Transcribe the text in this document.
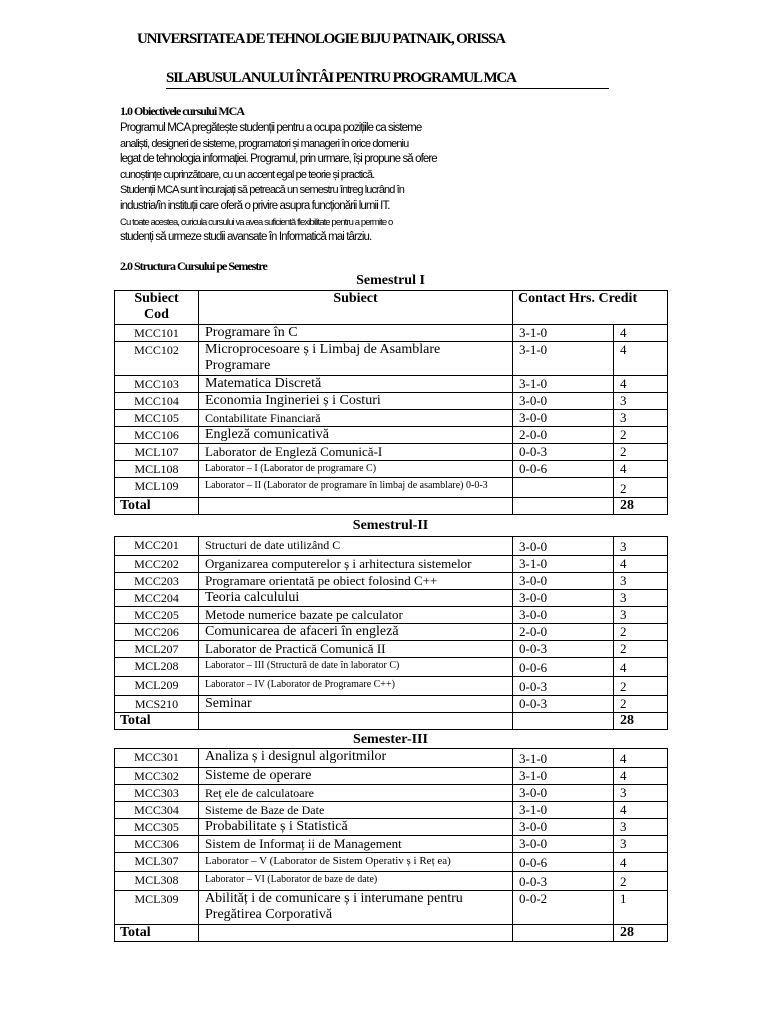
UNIVERSITATEA DE TEHNOLOGIE BIJU PATNAIK, ORISSA
SILABUSUL ANULUI ÎNTÂI PENTRU PROGRAMUL MCA
1.0 Obiectivele cursului MCA

Programul MCA pregătește studenții pentru a ocupa pozițiile ca sisteme

analiști, designeri de sisteme, programatori și manageri în orice domeniu

legat de tehnologia informației. Programul, prin urmare, își propune să ofere

cunoștințe cuprinzătoare, cu un accent egal pe teorie și practică.

Studenții MCA sunt încurajați să petreacă un semestru întreg lucrând în

industria/în instituții care oferă o privire asupra funcționării lumii IT.

Cu toate acestea, curicula cursului va avea suficientă flexibilitate pentru a permite o

studenți să urmeze studii avansate în Informatică mai târziu.

2.0 Structura Cursului pe Semestre
Semestrul I
Subiect Cod	Subiect	Contact Hrs. Credit	
MCC101	Programare în C	3-1-0	4
MCC102	Microprocesoare ș i Limbaj de Asamblare Programare	3-1-0	4
MCC103	Matematica Discretă	3-1-0	4
MCC104	Economia Ingineriei ș i Costuri	3-0-0	3
MCC105	Contabilitate Financiară	3-0-0	3
MCC106	Engleză comunicativă	2-0-0	2
MCL107	Laborator de Engleză Comunică-I	0-0-3	2
MCL108	Laborator – I (Laborator de programare C)	0-0-6	4
MCL109	Laborator – II (Laborator de programare în limbaj de asamblare) 0-0-3		2
Total			28
Semestrul-II
MCC201	Structuri de date utilizând C	3-0-0	3
MCC202	Organizarea computerelor ș i arhitectura sistemelor	3-1-0	4
MCC203	Programare orientată pe obiect folosind C++	3-0-0	3
MCC204	Teoria calculului	3-0-0	3
MCC205	Metode numerice bazate pe calculator	3-0-0	3
MCC206	Comunicarea de afaceri în engleză	2-0-0	2
MCL207	Laborator de Practică Comunică II	0-0-3	2
MCL208	Laborator – III (Structură de date în laborator C)	0-0-6	4
MCL209	Laborator – IV (Laborator de Programare C++)	0-0-3	2
MCS210	Seminar	0-0-3	2
Total			28
Semester-III
MCC301	Analiza ș i designul algoritmilor	3-1-0	4
MCC302	Sisteme de operare	3-1-0	4
MCC303	Reț ele de calculatoare	3-0-0	3
MCC304	Sisteme de Baze de Date	3-1-0	4
MCC305	Probabilitate ș i Statistică	3-0-0	3
MCC306	Sistem de Informaț ii de Management	3-0-0	3
MCL307	Laborator – V (Laborator de Sistem Operativ ș i Reț ea)	0-0-6	4
MCL308	Laborator – VI (Laborator de baze de date)	0-0-3	2
MCL309	Abilităț i de comunicare ș i interumane pentru Pregătirea Corporativă	0-0-2	1
Total			28
